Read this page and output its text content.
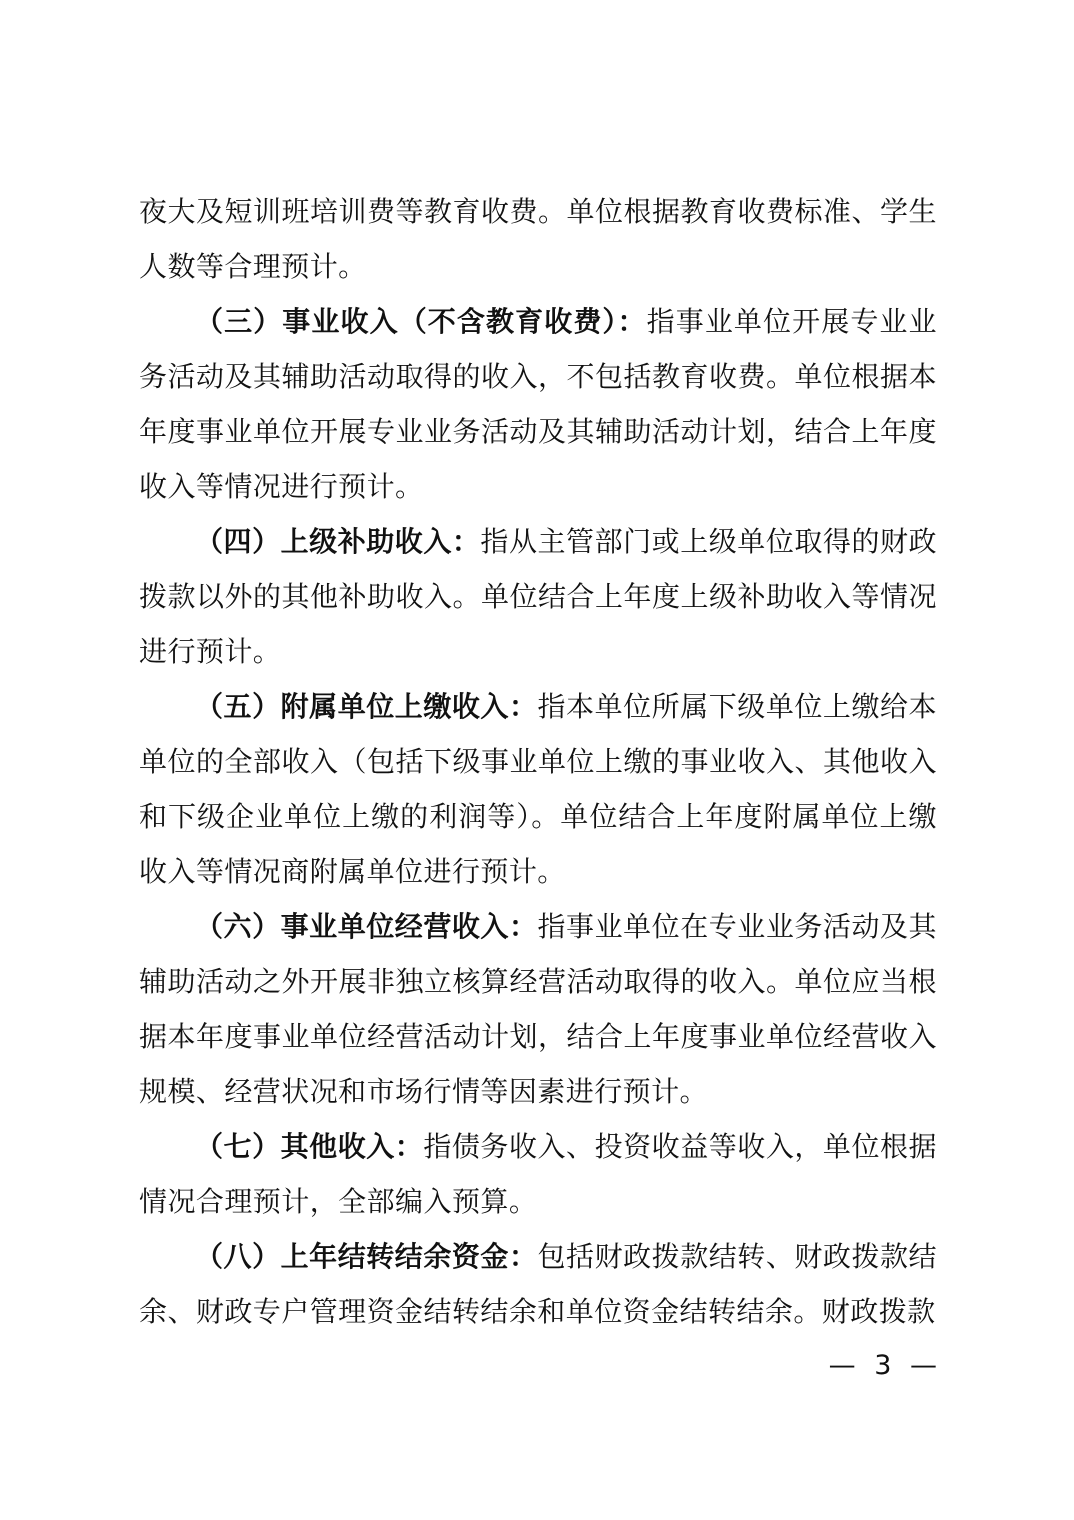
夜大及短训班培训费等教育收费。单位根据教育收费标准、学生人数等合理预计。

（三）事业收入（不含教育收费）：指事业单位开展专业业务活动及其辅助活动取得的收入，不包括教育收费。单位根据本年度事业单位开展专业业务活动及其辅助活动计划，结合上年度收入等情况进行预计。

（四）上级补助收入：指从主管部门或上级单位取得的财政拨款以外的其他补助收入。单位结合上年度上级补助收入等情况进行预计。

（五）附属单位上缴收入：指本单位所属下级单位上缴给本单位的全部收入（包括下级事业单位上缴的事业收入、其他收入和下级企业单位上缴的利润等）。单位结合上年度附属单位上缴收入等情况商附属单位进行预计。

（六）事业单位经营收入：指事业单位在专业业务活动及其辅助活动之外开展非独立核算经营活动取得的收入。单位应当根据本年度事业单位经营活动计划，结合上年度事业单位经营收入规模、经营状况和市场行情等因素进行预计。

（七）其他收入：指债务收入、投资收益等收入，单位根据情况合理预计，全部编入预算。

（八）上年结转结余资金：包括财政拨款结转、财政拨款结余、财政专户管理资金结转结余和单位资金结转结余。财政拨款

— 3 —
